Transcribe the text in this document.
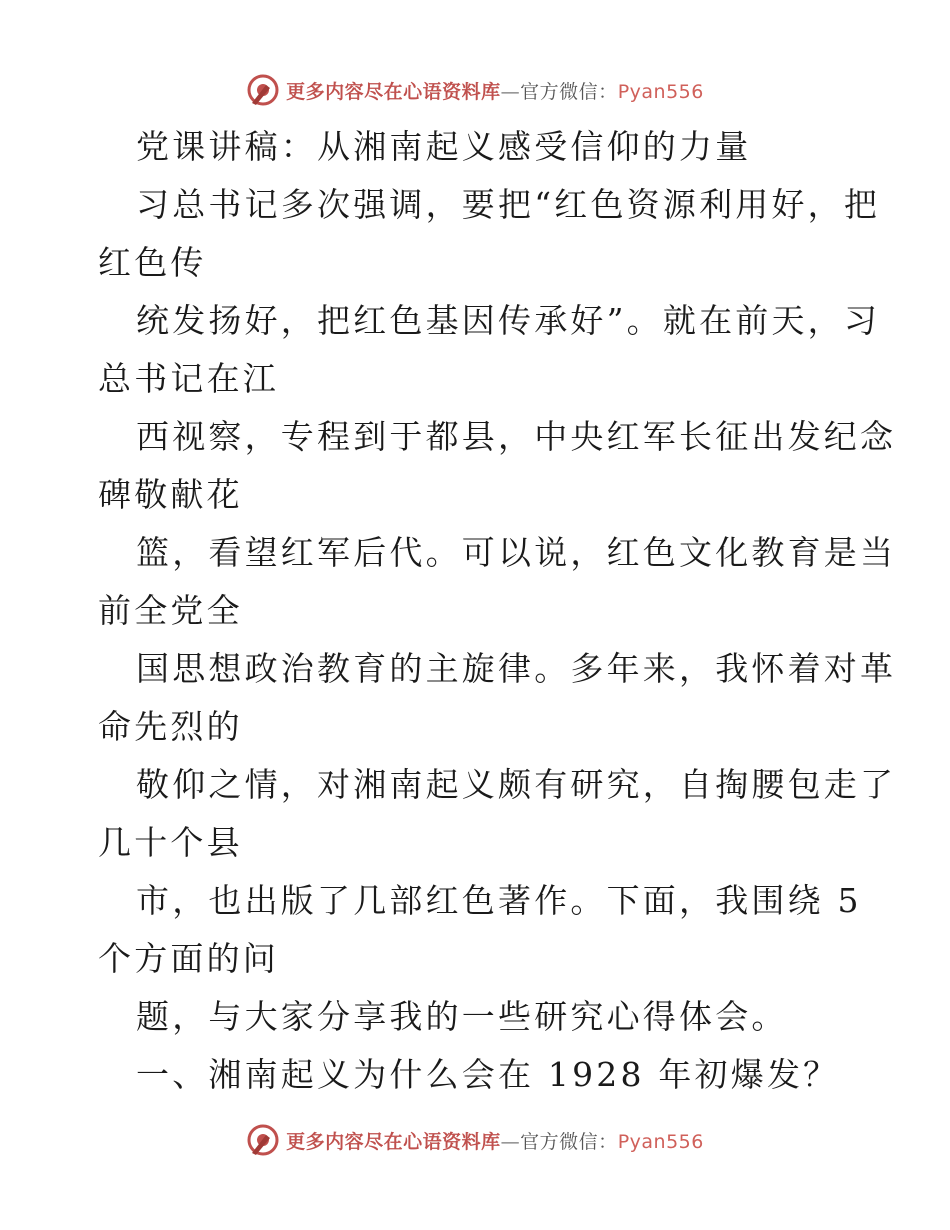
更多内容尽在心语资料库—官方微信：Pyan556
党课讲稿：从湘南起义感受信仰的力量
习总书记多次强调，要把“红色资源利用好，把
红色传
统发扬好，把红色基因传承好”。就在前天，习
总书记在江
西视察，专程到于都县，中央红军长征出发纪念
碑敬献花
篮，看望红军后代。可以说，红色文化教育是当
前全党全
国思想政治教育的主旋律。多年来，我怀着对革
命先烈的
敬仰之情，对湘南起义颇有研究，自掏腰包走了
几十个县
市，也出版了几部红色著作。下面，我围绕 5
个方面的问
题，与大家分享我的一些研究心得体会。
一、湘南起义为什么会在 1928 年初爆发？
更多内容尽在心语资料库—官方微信：Pyan556
